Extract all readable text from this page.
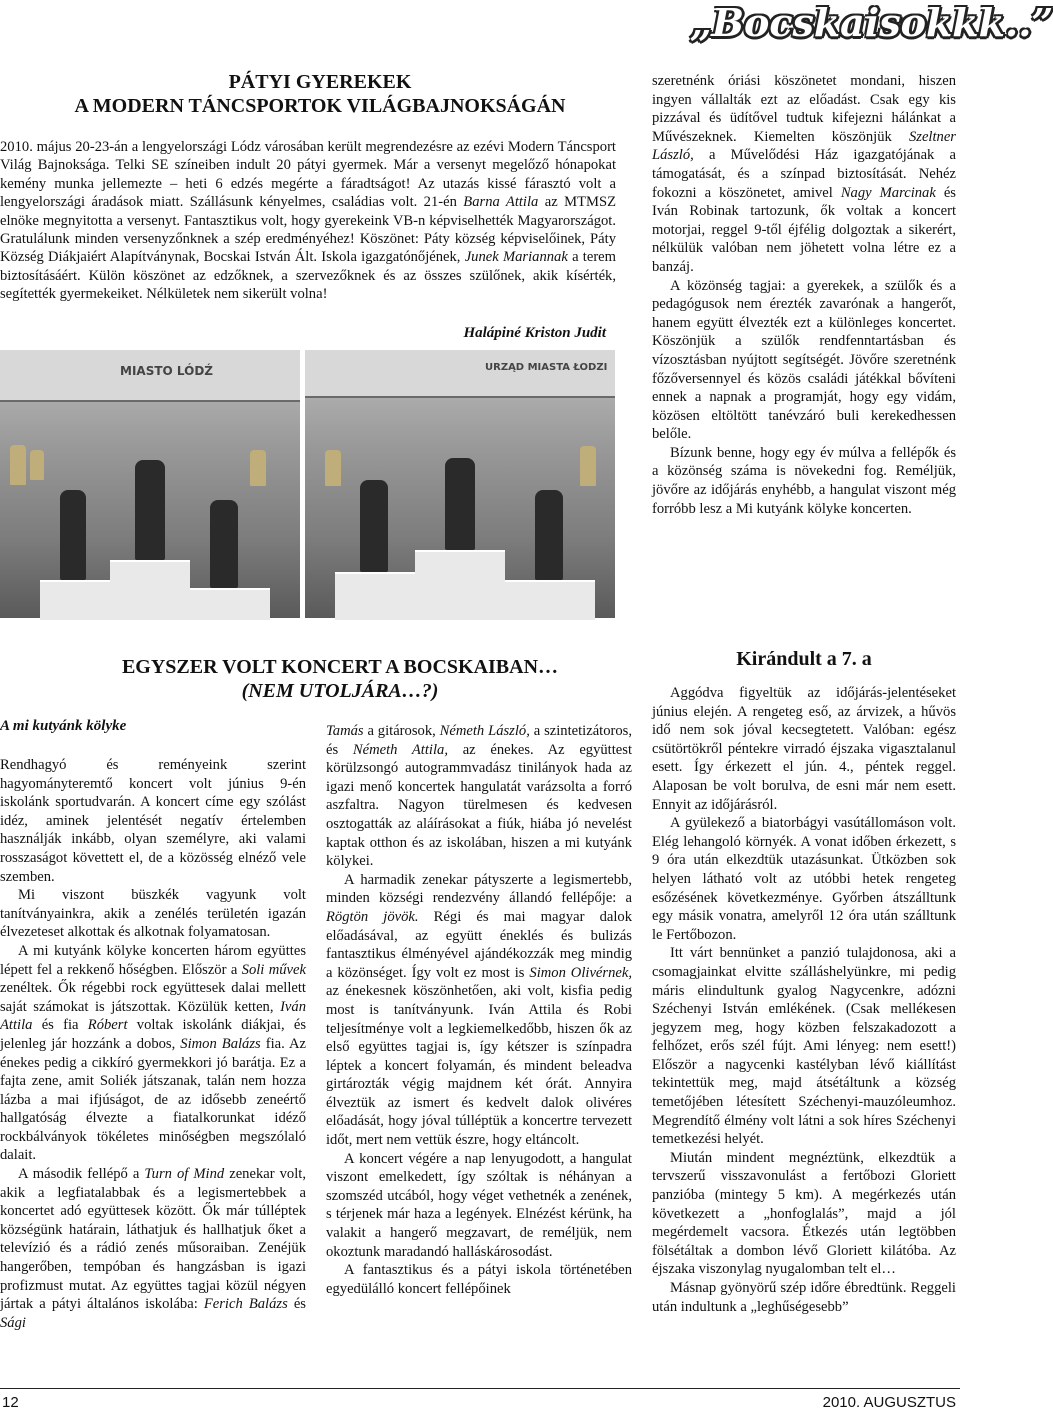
„Bocskaisokkk..”

PÁTYI GYEREKEK

A MODERN TÁNCSPORTOK VILÁGBAJNOKSÁGÁN

2010. május 20-23-án a lengyelországi Lódz városában került megrendezésre az ezévi Modern Táncsport Világ Bajnoksága. Telki SE színeiben indult 20 pátyi gyermek. Már a versenyt megelőző hónapokat kemény munka jellemezte – heti 6 edzés megérte a fáradtságot! Az utazás kissé fárasztó volt a lengyelországi áradások miatt. Szállásunk kényelmes, családias volt. 21-én Barna Attila az MTMSZ elnöke megnyitotta a versenyt. Fantasztikus volt, hogy gyerekeink VB-n képviselhették Magyarországot. Gratulálunk minden versenyzőnknek a szép eredményéhez! Köszönet: Páty község képviselőinek, Páty Község Diákjaiért Alapítványnak, Bocskai István Ált. Iskola igazgatónőjének, Junek Mariannak a terem biztosításáért. Külön köszönet az edzőknek, a szervezőknek és az összes szülőnek, akik kísérték, segítették gyermekeiket. Nélkületek nem sikerült volna!

Halápiné Kriston Judit
MIASTO LÓDŹ	URZĄD MIASTA ŁODZI

szeretnénk óriási köszönetet mondani, hiszen ingyen vállalták ezt az előadást. Csak egy kis pizzával és üdítővel tudtuk kifejezni hálánkat a Művészeknek. Kiemelten köszönjük Szeltner László, a Művelődési Ház igazgatójának a támogatását, és a színpad biztosítását. Nehéz fokozni a köszönetet, amivel Nagy Marcinak és Iván Robinak tartozunk, ők voltak a koncert motorjai, reggel 9-től éjfélig dolgoztak a sikerért, nélkülük valóban nem jöhetett volna létre ez a banzáj.

A közönség tagjai: a gyerekek, a szülők és a pedagógusok nem érezték zavarónak a hangerőt, hanem együtt élvezték ezt a különleges koncertet. Köszönjük a szülők rendfenntartásban és vízosztásban nyújtott segítségét. Jövőre szeretnénk főzőversennyel és közös családi játékkal bővíteni ennek a napnak a programját, hogy egy vidám, közösen eltöltött tanévzáró buli kerekedhessen belőle.

Bízunk benne, hogy egy év múlva a fellépők és a közönség száma is növekedni fog. Reméljük, jövőre az időjárás enyhébb, a hangulat viszont még forróbb lesz a Mi kutyánk kölyke koncerten.

EGYSZER VOLT KONCERT A BOCSKAIBAN…

(NEM UTOLJÁRA…?)

A mi kutyánk kölyke

Rendhagyó és reményeink szerint hagyományteremtő koncert volt június 9-én iskolánk sportudvarán. A koncert címe egy szólást idéz, aminek jelentését negatív értelemben használják inkább, olyan személyre, aki valami rosszaságot követtett el, de a közösség elnéző vele szemben.

Mi viszont büszkék vagyunk volt tanítványainkra, akik a zenélés területén igazán élvezeteset alkottak és alkotnak folyamatosan.

A mi kutyánk kölyke koncerten három együttes lépett fel a rekkenő hőségben. Először a Soli művek zenéltek. Ők régebbi rock együttesek dalai mellett saját számokat is játszottak. Közülük ketten, Iván Attila és fia Róbert voltak iskolánk diákjai, és jelenleg jár hozzánk a dobos, Simon Balázs fia. Az énekes pedig a cikkíró gyermekkori jó barátja. Ez a fajta zene, amit Soliék játszanak, talán nem hozza lázba a mai ifjúságot, de az idősebb zeneértő hallgatóság élvezte a fiatalkorunkat idéző rockbálványok tökéletes minőségben megszólaló dalait.

A második fellépő a Turn of Mind zenekar volt, akik a legfiatalabbak és a legismertebbek a koncertet adó együttesek között. Ők már túlléptek községünk határain, láthatjuk és hallhatjuk őket a televízió és a rádió zenés műsoraiban. Zenéjük hangerőben, tempóban és hangzásban is igazi profizmust mutat. Az együttes tagjai közül négyen jártak a pátyi általános iskolába: Ferich Balázs és Sági

Tamás a gitárosok, Németh László, a szintetizátoros, és Németh Attila, az énekes. Az együttest körülzsongó autogrammvadász tinilányok hada az igazi menő koncertek hangulatát varázsolta a forró aszfaltra. Nagyon türelmesen és kedvesen osztogatták az aláírásokat a fiúk, hiába jó nevelést kaptak otthon és az iskolában, hiszen a mi kutyánk kölykei.

A harmadik zenekar pátyszerte a legismertebb, minden községi rendezvény állandó fellépője: a Rögtön jövök. Régi és mai magyar dalok előadásával, az együtt éneklés és bulizás fantasztikus élményével ajándékozzák meg mindig a közönséget. Így volt ez most is Simon Olivérnek, az énekesnek köszönhetően, aki volt, kisfia pedig most is tanítványunk. Iván Attila és Robi teljesítménye volt a legkiemelkedőbb, hiszen ők az első együttes tagjai is, így kétszer is színpadra léptek a koncert folyamán, és mindent beleadva girtározták végig majdnem két órát. Annyira élveztük az ismert és kedvelt dalok olivéres előadását, hogy jóval túlléptük a koncertre tervezett időt, mert nem vettük észre, hogy eltáncolt.

A koncert végére a nap lenyugodott, a hangulat viszont emelkedett, így szóltak is néhányan a szomszéd utcából, hogy véget vethetnék a zenének, s térjenek már haza a legények. Elnézést kérünk, ha valakit a hangerő megzavart, de reméljük, nem okoztunk maradandó halláskárosodást.

A fantasztikus és a pátyi iskola történetében egyedülálló koncert fellépőinek

Kirándult a 7. a

Aggódva figyeltük az időjárás-jelentéseket június elején. A rengeteg eső, az árvizek, a hűvös idő nem sok jóval kecsegtetett. Valóban: egész csütörtökről péntekre virradó éjszaka vigasztalanul esett. Így érkezett el jún. 4., péntek reggel. Alaposan be volt borulva, de esni már nem esett. Ennyit az időjárásról.

A gyülekező a biatorbágyi vasútállomáson volt. Elég lehangoló környék. A vonat időben érkezett, s 9 óra után elkezdtük utazásunkat. Ütközben sok helyen látható volt az utóbbi hetek rengeteg esőzésének következménye. Győrben átszálltunk egy másik vonatra, amelyről 12 óra után szálltunk le Fertőbozon.

Itt várt bennünket a panzió tulajdonosa, aki a csomagjainkat elvitte szálláshelyünkre, mi pedig máris elindultunk gyalog Nagycenkre, adózni Széchenyi István emlékének. (Csak mellékesen jegyzem meg, hogy közben felszakadozott a felhőzet, erős szél fújt. Ami lényeg: nem esett!) Először a nagycenki kastélyban lévő kiállítást tekintettük meg, majd átsétáltunk a község temetőjében létesített Széchenyi-mauzóleumhoz. Megrendítő élmény volt látni a sok híres Széchenyi temetkezési helyét.

Miután mindent megnéztünk, elkezdtük a tervszerű visszavonulást a fertőbozi Gloriett panzióba (mintegy 5 km). A megérkezés után következett a „honfoglalás”, majd a jól megérdemelt vacsora. Étkezés után legtöbben fölsétáltak a dombon lévő Gloriett kilátóba. Az éjszaka viszonylag nyugalomban telt el…

Másnap gyönyörű szép időre ébredtünk. Reggeli után indultunk a „leghűségesebb”

12	2010. AUGUSZTUS
